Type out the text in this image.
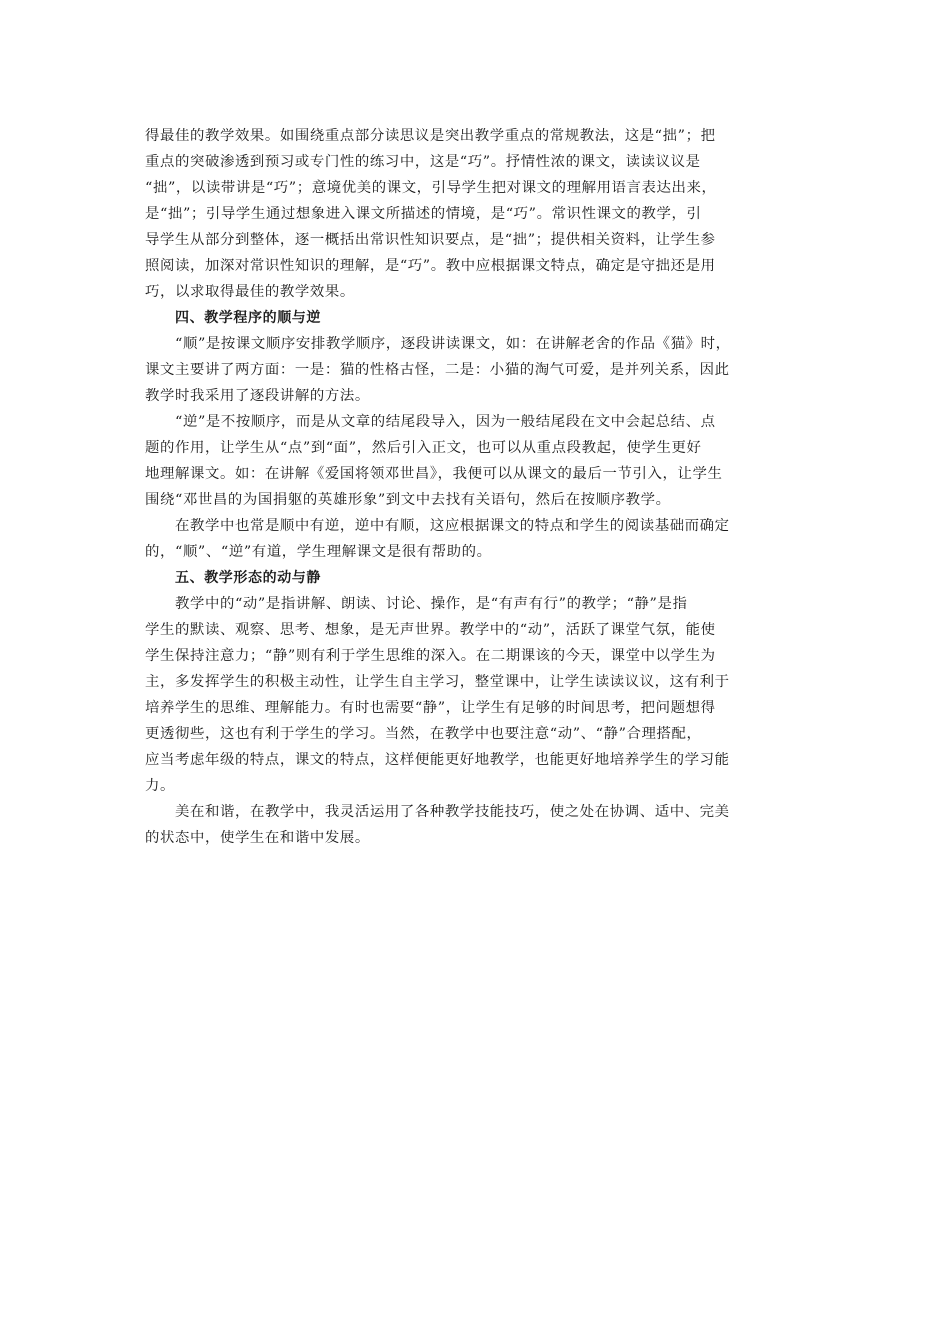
得最佳的教学效果。如围绕重点部分读思议是突出教学重点的常规教法，这是“拙”；把
重点的突破渗透到预习或专门性的练习中，这是“巧”。抒情性浓的课文，读读议议是
“拙”，以读带讲是“巧”；意境优美的课文，引导学生把对课文的理解用语言表达出来，
是“拙”；引导学生通过想象进入课文所描述的情境，是“巧”。常识性课文的教学，引
导学生从部分到整体，逐一概括出常识性知识要点，是“拙”；提供相关资料，让学生参
照阅读，加深对常识性知识的理解，是“巧”。教中应根据课文特点，确定是守拙还是用
巧，以求取得最佳的教学效果。
四、教学程序的顺与逆
“顺”是按课文顺序安排教学顺序，逐段讲读课文，如：在讲解老舍的作品《猫》时，
课文主要讲了两方面：一是：猫的性格古怪，二是：小猫的淘气可爱，是并列关系，因此
教学时我采用了逐段讲解的方法。
“逆”是不按顺序，而是从文章的结尾段导入，因为一般结尾段在文中会起总结、点
题的作用，让学生从“点”到“面”，然后引入正文，也可以从重点段教起，使学生更好
地理解课文。如：在讲解《爱国将领邓世昌》，我便可以从课文的最后一节引入，让学生
围绕“邓世昌的为国捐躯的英雄形象”到文中去找有关语句，然后在按顺序教学。
在教学中也常是顺中有逆，逆中有顺，这应根据课文的特点和学生的阅读基础而确定
的，“顺”、“逆”有道，学生理解课文是很有帮助的。
五、教学形态的动与静
教学中的“动”是指讲解、朗读、讨论、操作，是“有声有行”的教学；“静”是指
学生的默读、观察、思考、想象，是无声世界。教学中的“动”，活跃了课堂气氛，能使
学生保持注意力；“静”则有利于学生思维的深入。在二期课该的今天，课堂中以学生为
主，多发挥学生的积极主动性，让学生自主学习，整堂课中，让学生读读议议，这有利于
培养学生的思维、理解能力。有时也需要“静”，让学生有足够的时间思考，把问题想得
更透彻些，这也有利于学生的学习。当然，在教学中也要注意“动”、“静”合理搭配，
应当考虑年级的特点，课文的特点，这样便能更好地教学，也能更好地培养学生的学习能
力。
美在和谐，在教学中，我灵活运用了各种教学技能技巧，使之处在协调、适中、完美
的状态中，使学生在和谐中发展。
